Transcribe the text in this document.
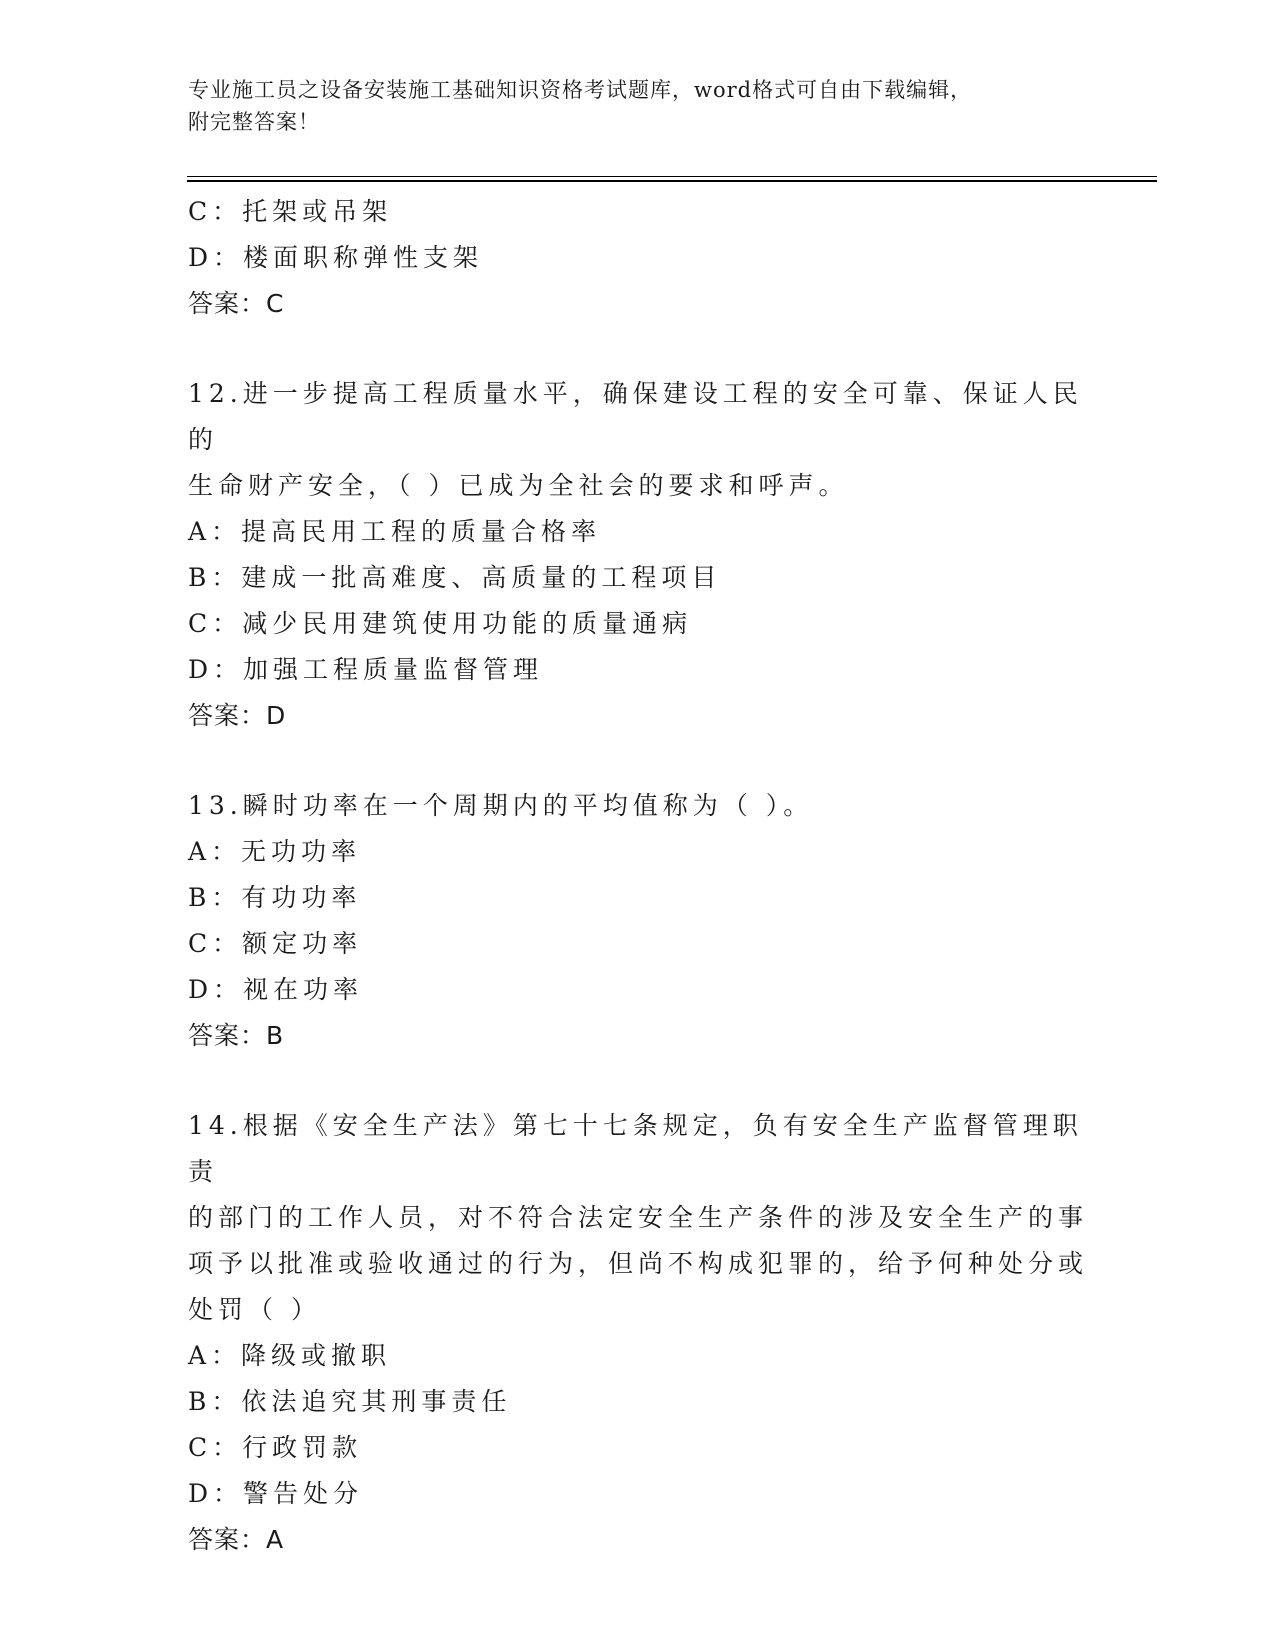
专业施工员之设备安装施工基础知识资格考试题库，word格式可自由下载编辑，
附完整答案！
C：托架或吊架
D：楼面职称弹性支架
答案：C
12.进一步提高工程质量水平，确保建设工程的安全可靠、保证人民的
生命财产安全，（ ）已成为全社会的要求和呼声。
A：提高民用工程的质量合格率
B：建成一批高难度、高质量的工程项目
C：减少民用建筑使用功能的质量通病
D：加强工程质量监督管理
答案：D
13.瞬时功率在一个周期内的平均值称为（ ）。
A：无功功率
B：有功功率
C：额定功率
D：视在功率
答案：B
14.根据《安全生产法》第七十七条规定，负有安全生产监督管理职责
的部门的工作人员，对不符合法定安全生产条件的涉及安全生产的事
项予以批准或验收通过的行为，但尚不构成犯罪的，给予何种处分或
处罚（ ）
A：降级或撤职
B：依法追究其刑事责任
C：行政罚款
D：警告处分
答案：A
